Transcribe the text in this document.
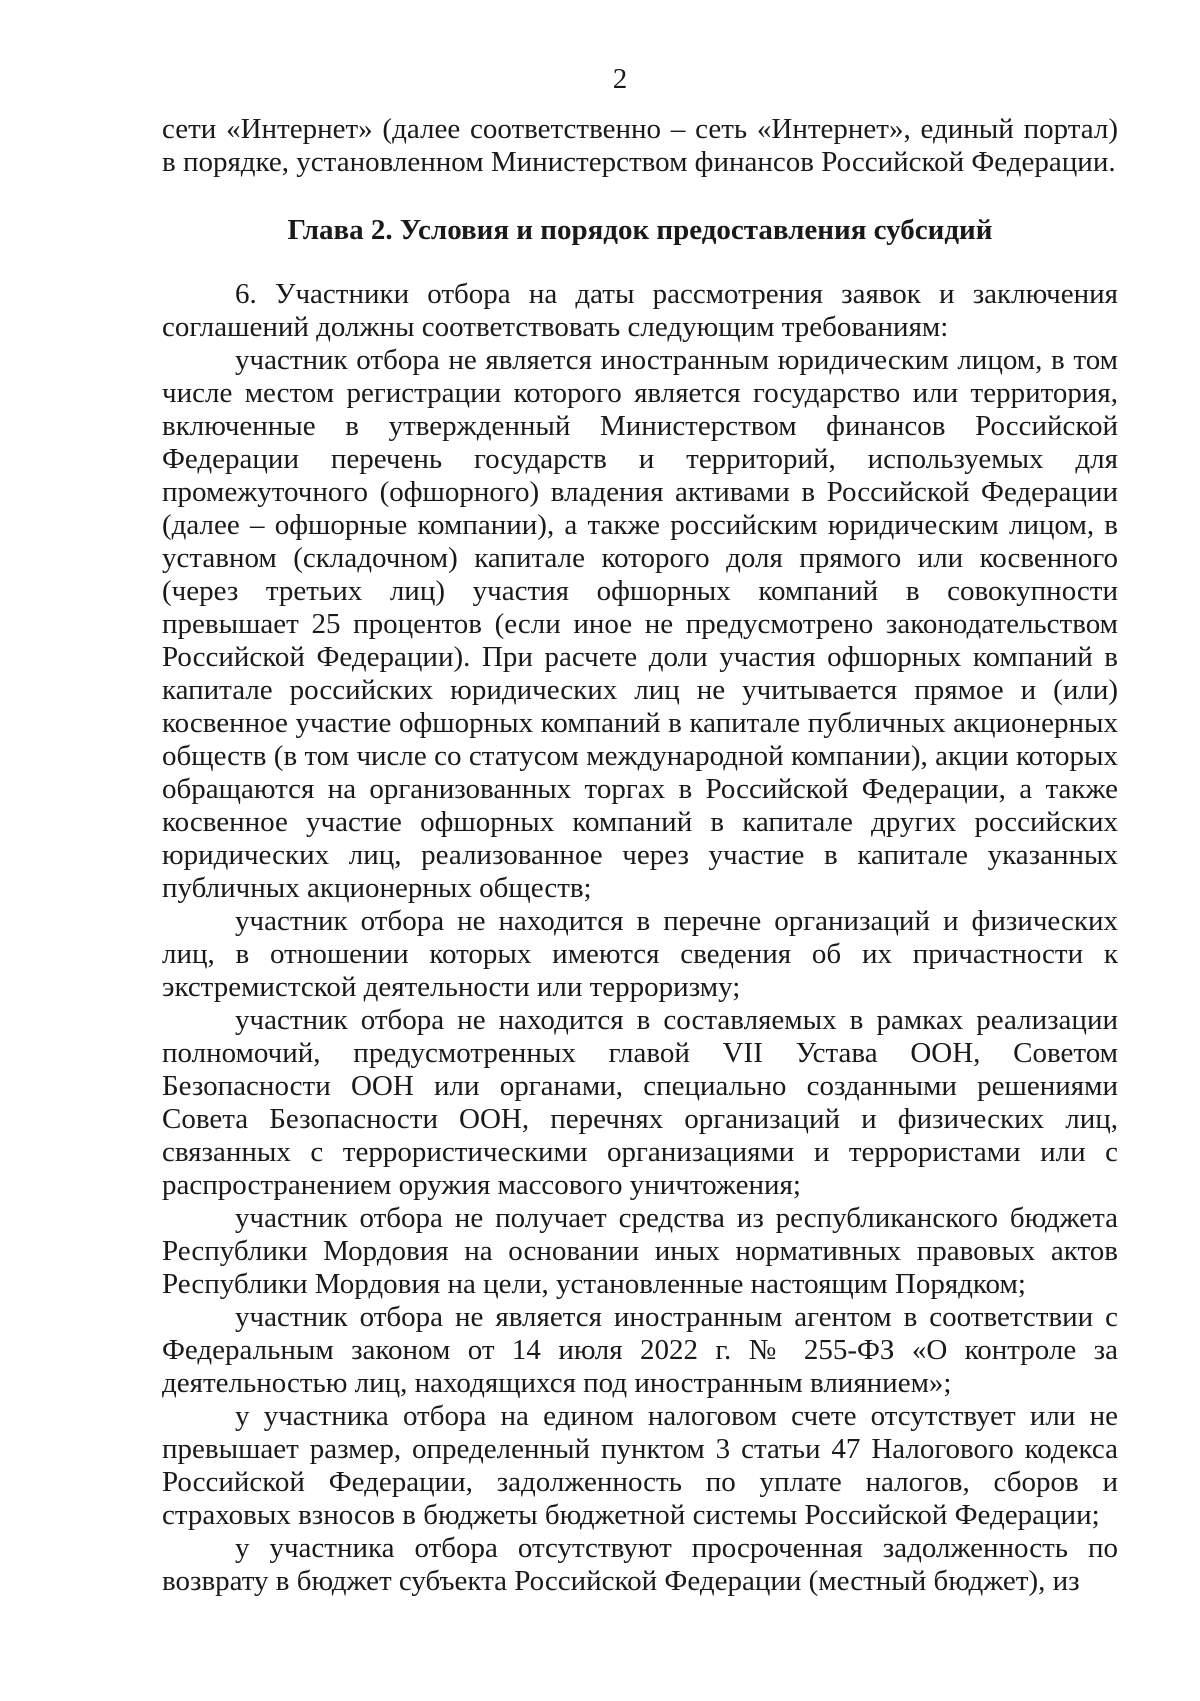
2

сети «Интернет» (далее соответственно – сеть «Интернет», единый портал) в порядке, установленном Министерством финансов Российской Федерации.

Глава 2. Условия и порядок предоставления субсидий

6. Участники отбора на даты рассмотрения заявок и заключения соглашений должны соответствовать следующим требованиям:

участник отбора не является иностранным юридическим лицом, в том числе местом регистрации которого является государство или территория, включенные в утвержденный Министерством финансов Российской Федерации перечень государств и территорий, используемых для промежуточного (офшорного) владения активами в Российской Федерации (далее – офшорные компании), а также российским юридическим лицом, в уставном (складочном) капитале которого доля прямого или косвенного (через третьих лиц) участия офшорных компаний в совокупности превышает 25 процентов (если иное не предусмотрено законодательством Российской Федерации). При расчете доли участия офшорных компаний в капитале российских юридических лиц не учитывается прямое и (или) косвенное участие офшорных компаний в капитале публичных акционерных обществ (в том числе со статусом международной компании), акции которых обращаются на организованных торгах в Российской Федерации, а также косвенное участие офшорных компаний в капитале других российских юридических лиц, реализованное через участие в капитале указанных публичных акционерных обществ;

участник отбора не находится в перечне организаций и физических лиц, в отношении которых имеются сведения об их причастности к экстремистской деятельности или терроризму;

участник отбора не находится в составляемых в рамках реализации полномочий, предусмотренных главой VII Устава ООН, Советом Безопасности ООН или органами, специально созданными решениями Совета Безопасности ООН, перечнях организаций и физических лиц, связанных с террористическими организациями и террористами или с распространением оружия массового уничтожения;

участник отбора не получает средства из республиканского бюджета Республики Мордовия на основании иных нормативных правовых актов Республики Мордовия на цели, установленные настоящим Порядком;

участник отбора не является иностранным агентом в соответствии с Федеральным законом от 14 июля 2022 г. № 255-ФЗ «О контроле за деятельностью лиц, находящихся под иностранным влиянием»;

у участника отбора на едином налоговом счете отсутствует или не превышает размер, определенный пунктом 3 статьи 47 Налогового кодекса Российской Федерации, задолженность по уплате налогов, сборов и страховых взносов в бюджеты бюджетной системы Российской Федерации;

у участника отбора отсутствуют просроченная задолженность по возврату в бюджет субъекта Российской Федерации (местный бюджет), из
